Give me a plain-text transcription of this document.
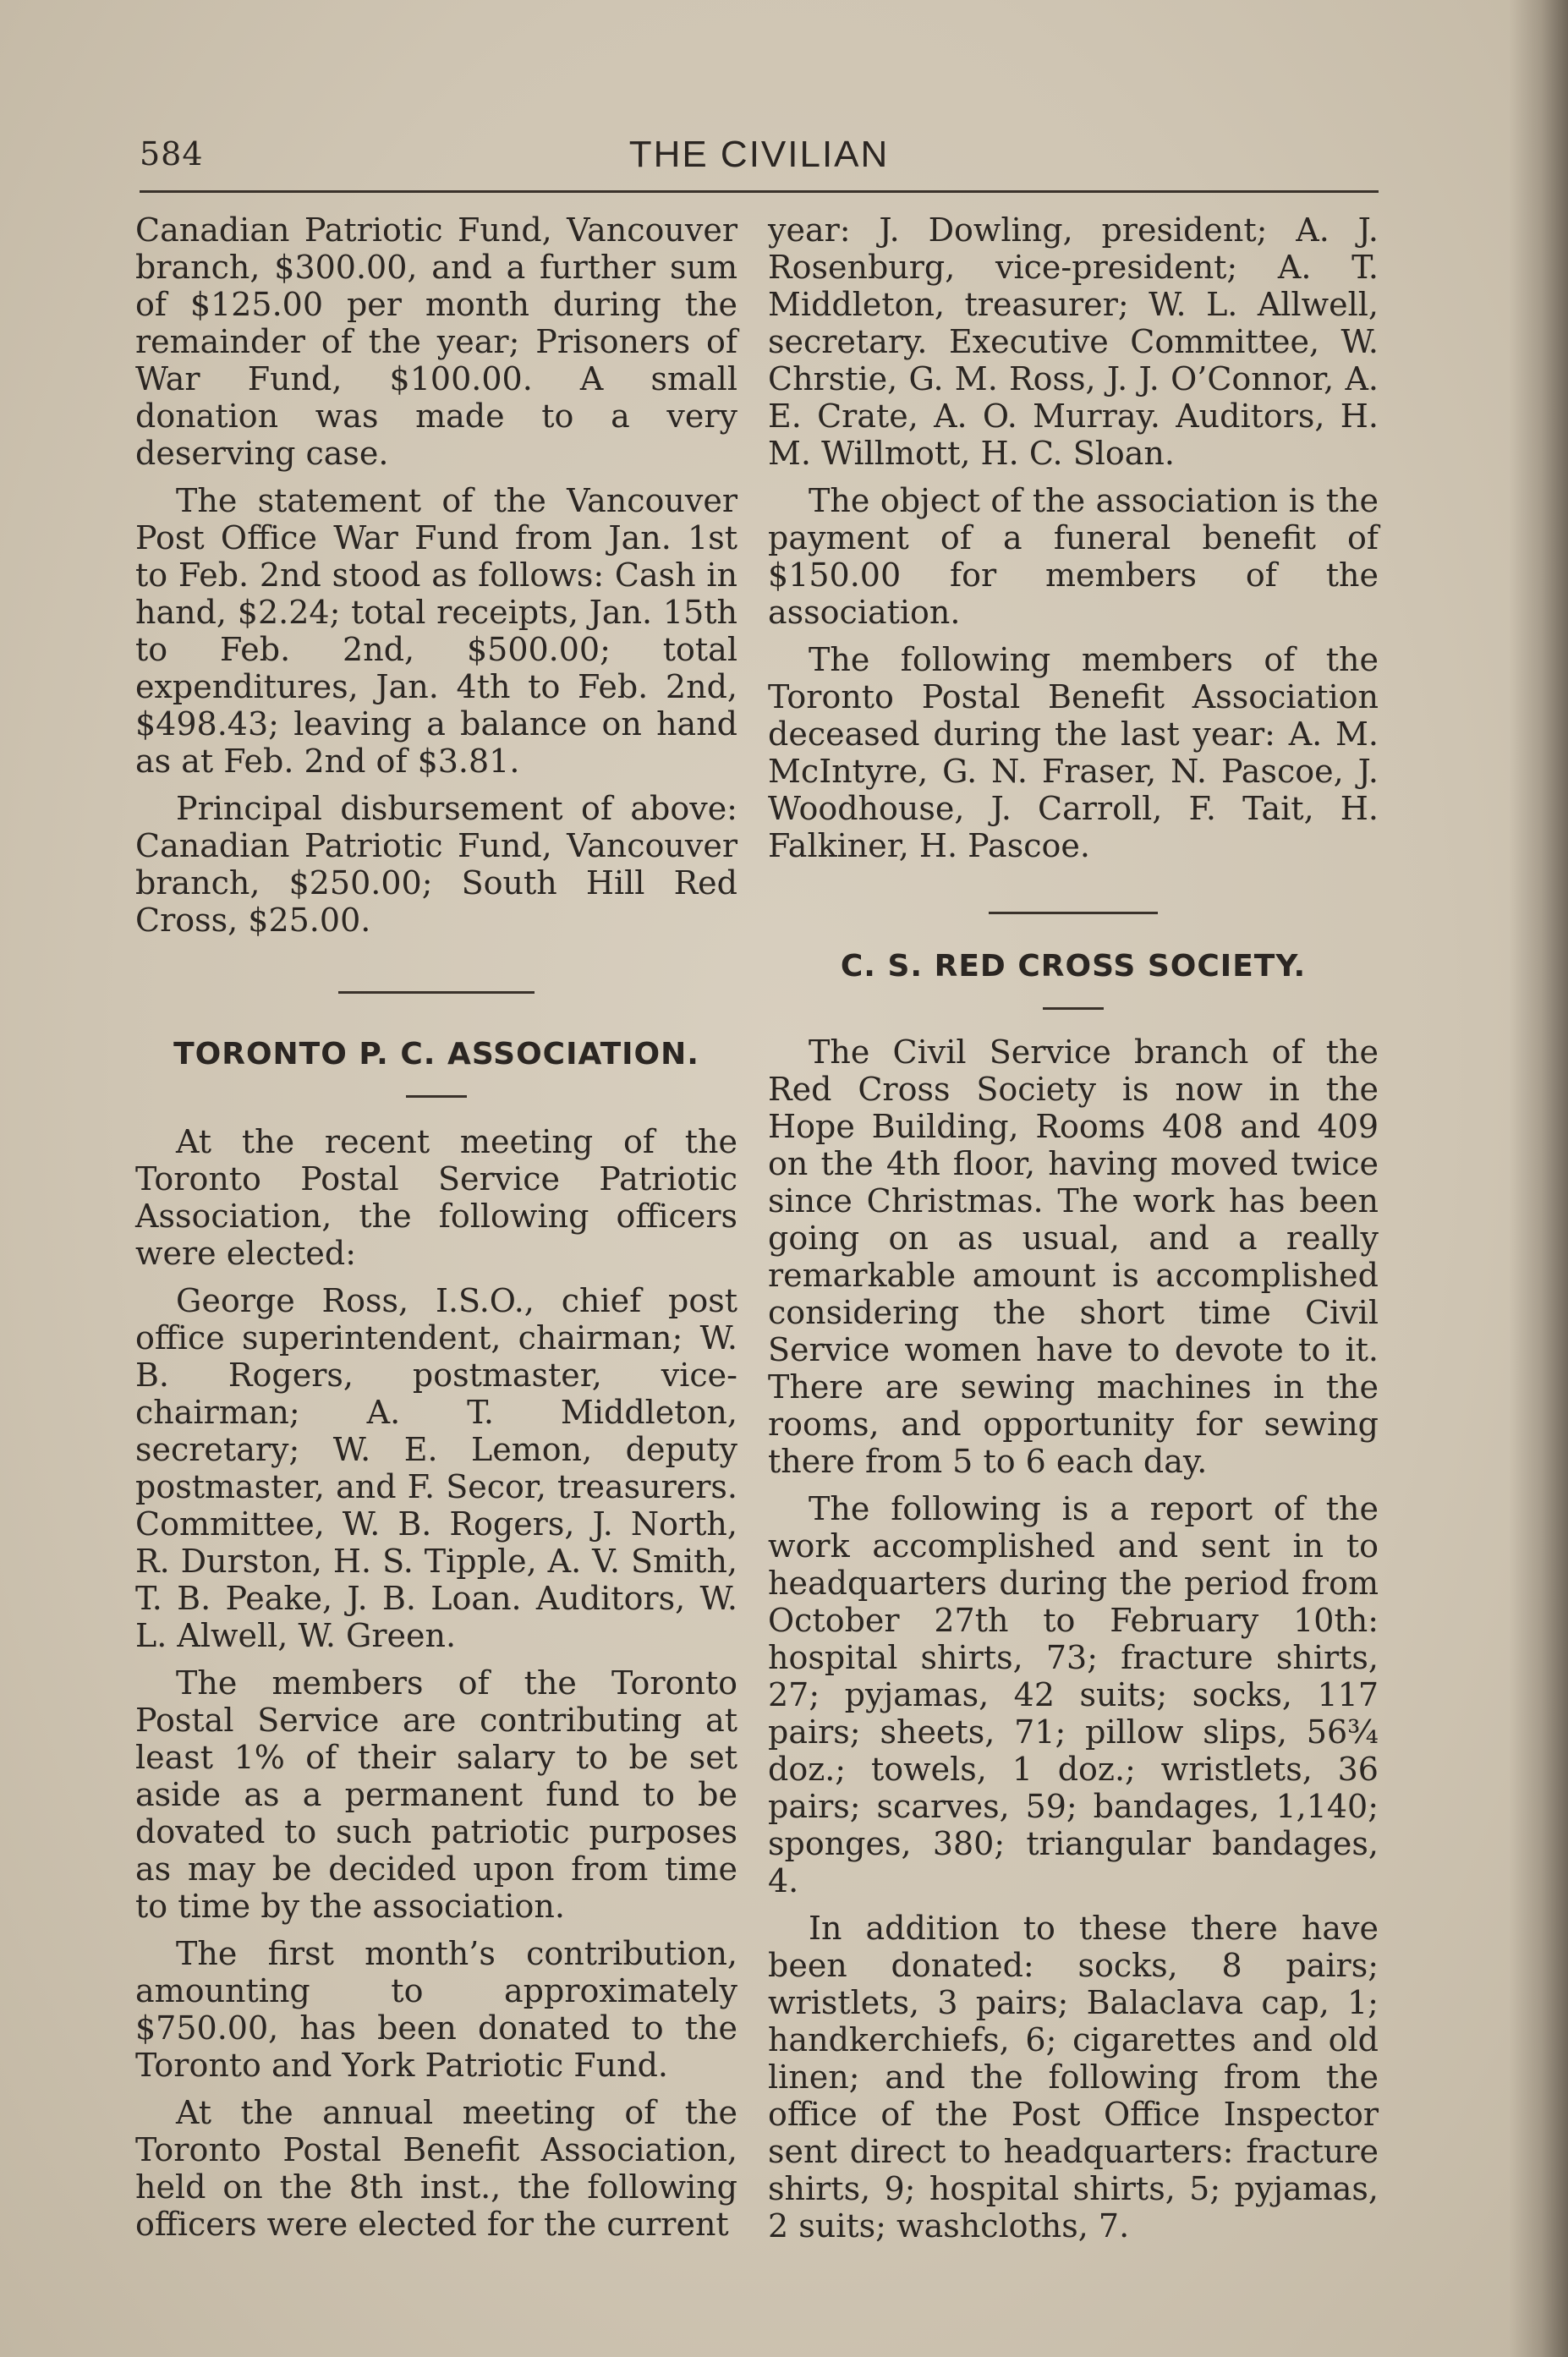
584	THE CIVILIAN

Canadian Patriotic Fund, Vancouver branch, $300.00, and a further sum of $125.00 per month during the remainder of the year; Prisoners of War Fund, $100.00. A small donation was made to a very deserving case.

The statement of the Vancouver Post Office War Fund from Jan. 1st to Feb. 2nd stood as follows: Cash in hand, $2.24; total receipts, Jan. 15th to Feb. 2nd, $500.00; total expenditures, Jan. 4th to Feb. 2nd, $498.43; leaving a balance on hand as at Feb. 2nd of $3.81.

Principal disbursement of above: Canadian Patriotic Fund, Vancouver branch, $250.00; South Hill Red Cross, $25.00.

TORONTO P. C. ASSOCIATION.

At the recent meeting of the Toronto Postal Service Patriotic Association, the following officers were elected:

George Ross, I.S.O., chief post office superintendent, chairman; W. B. Rogers, postmaster, vice-chairman; A. T. Middleton, secretary; W. E. Lemon, deputy postmaster, and F. Secor, treasurers. Committee, W. B. Rogers, J. North, R. Durston, H. S. Tipple, A. V. Smith, T. B. Peake, J. B. Loan. Auditors, W. L. Alwell, W. Green.

The members of the Toronto Postal Service are contributing at least 1% of their salary to be set aside as a permanent fund to be dovated to such patriotic purposes as may be decided upon from time to time by the association.

The first month’s contribution, amounting to approximately $750.00, has been donated to the Toronto and York Patriotic Fund.

At the annual meeting of the Toronto Postal Benefit Association, held on the 8th inst., the following officers were elected for the current

year: J. Dowling, president; A. J. Rosenburg, vice-president; A. T. Middleton, treasurer; W. L. Allwell, secretary. Executive Committee, W. Chrstie, G. M. Ross, J. J. O’Connor, A. E. Crate, A. O. Murray. Auditors, H. M. Willmott, H. C. Sloan.

The object of the association is the payment of a funeral benefit of $150.00 for members of the association.

The following members of the Toronto Postal Benefit Association deceased during the last year: A. M. McIntyre, G. N. Fraser, N. Pascoe, J. Woodhouse, J. Carroll, F. Tait, H. Falkiner, H. Pascoe.

C. S. RED CROSS SOCIETY.

The Civil Service branch of the Red Cross Society is now in the Hope Building, Rooms 408 and 409 on the 4th floor, having moved twice since Christmas. The work has been going on as usual, and a really remarkable amount is accomplished considering the short time Civil Service women have to devote to it. There are sewing machines in the rooms, and opportunity for sewing there from 5 to 6 each day.

The following is a report of the work accomplished and sent in to headquarters during the period from October 27th to February 10th: hospital shirts, 73; fracture shirts, 27; pyjamas, 42 suits; socks, 117 pairs; sheets, 71; pillow slips, 56¾ doz.; towels, 1 doz.; wristlets, 36 pairs; scarves, 59; bandages, 1,140; sponges, 380; triangular bandages, 4.

In addition to these there have been donated: socks, 8 pairs; wristlets, 3 pairs; Balaclava cap, 1; handkerchiefs, 6; cigarettes and old linen; and the following from the office of the Post Office Inspector sent direct to headquarters: fracture shirts, 9; hospital shirts, 5; pyjamas, 2 suits; washcloths, 7.
